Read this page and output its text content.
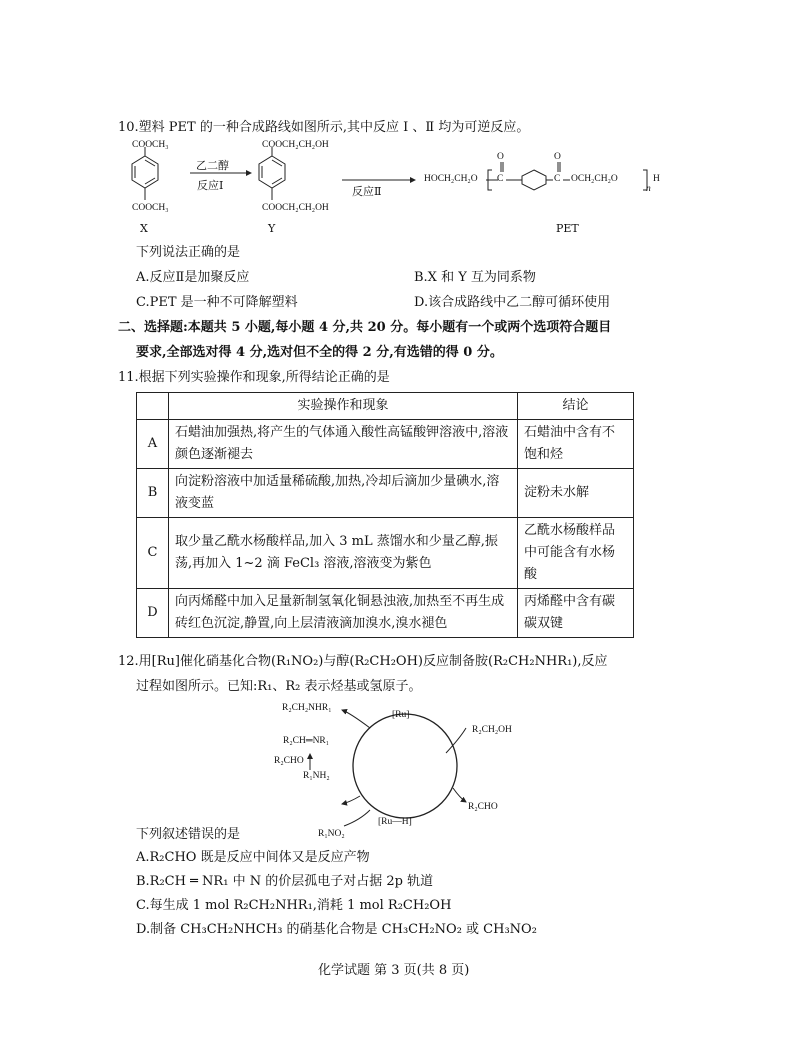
10.塑料 PET 的一种合成路线如图所示,其中反应 Ⅰ 、Ⅱ 均为可逆反应。
COOCH₃
COOCH₃
X
乙二醇
反应Ⅰ
COOCH₂CH₂OH
COOCH₂CH₂OH
Y
反应Ⅱ
HOCH₂CH₂O
O
C
O
C OCH₂CH₂O
n
H
PET
下列说法正确的是
A.反应Ⅱ是加聚反应	B.X 和 Y 互为同系物
C.PET 是一种不可降解塑料	D.该合成路线中乙二醇可循环使用
二、选择题:本题共 5 小题,每小题 4 分,共 20 分。每小题有一个或两个选项符合题目
要求,全部选对得 4 分,选对但不全的得 2 分,有选错的得 0 分。
11.根据下列实验操作和现象,所得结论正确的是
	实验操作和现象	结论
A	石蜡油加强热,将产生的气体通入酸性高锰酸钾溶液中,溶液颜色逐渐褪去	石蜡油中含有不饱和烃
B	向淀粉溶液中加适量稀硫酸,加热,冷却后滴加少量碘水,溶液变蓝	淀粉未水解
C	取少量乙酰水杨酸样品,加入 3 mL 蒸馏水和少量乙醇,振荡,再加入 1~2 滴 FeCl₃ 溶液,溶液变为紫色	乙酰水杨酸样品中可能含有水杨酸
D	向丙烯醛中加入足量新制氢氧化铜悬浊液,加热至不再生成砖红色沉淀,静置,向上层清液滴加溴水,溴水褪色	丙烯醛中含有碳碳双键
12.用[Ru]催化硝基化合物(R₁NO₂)与醇(R₂CH₂OH)反应制备胺(R₂CH₂NHR₁),反应
过程如图所示。已知:R₁、R₂ 表示烃基或氢原子。
[Ru]
[Ru—H]
R₂CH₂NHR₁
R₂CH═NR₁
R₂CHO
R₁NH₂
R₁NO₂
R₂CH₂OH
R₂CHO
下列叙述错误的是
A.R₂CHO 既是反应中间体又是反应产物
B.R₂CH ═ NR₁ 中 N 的价层孤电子对占据 2p 轨道
C.每生成 1 mol R₂CH₂NHR₁,消耗 1 mol R₂CH₂OH
D.制备 CH₃CH₂NHCH₃ 的硝基化合物是 CH₃CH₂NO₂ 或 CH₃NO₂
化学试题 第 3 页(共 8 页)
